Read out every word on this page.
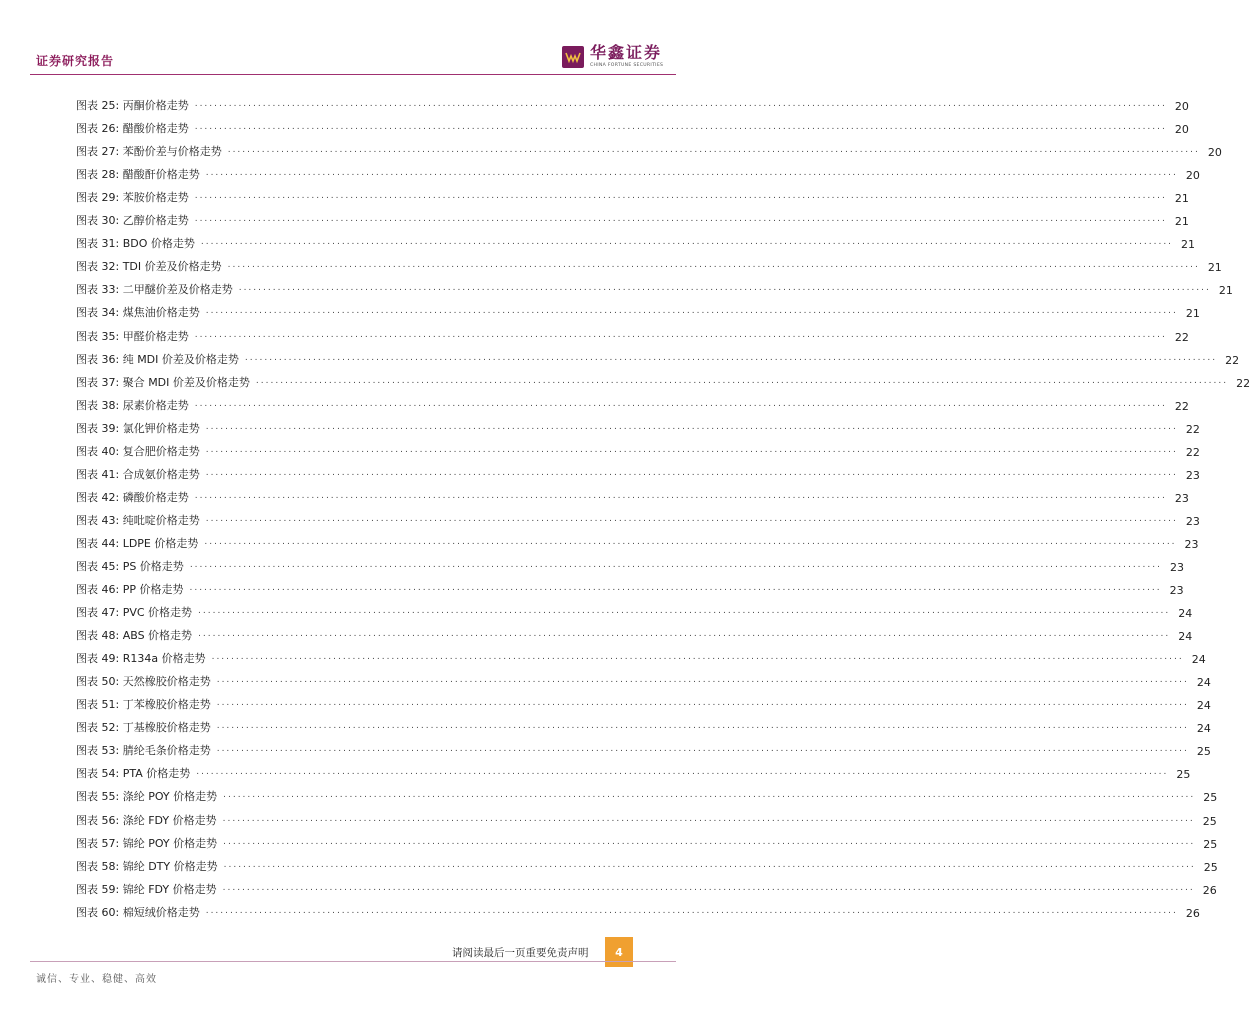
证券研究报告	华鑫证券
CHINA FORTUNE SECURITIES
图表 25: 丙酮价格走势 ........................................................................................................................................................................................................ 20
图表 26: 醋酸价格走势 ........................................................................................................................................................................................................ 20
图表 27: 苯酚价差与价格走势 ........................................................................................................................................................................................................ 20
图表 28: 醋酸酐价格走势 ........................................................................................................................................................................................................ 20
图表 29: 苯胺价格走势 ........................................................................................................................................................................................................ 21
图表 30: 乙醇价格走势 ........................................................................................................................................................................................................ 21
图表 31: BDO 价格走势 ........................................................................................................................................................................................................ 21
图表 32: TDI 价差及价格走势 ........................................................................................................................................................................................................ 21
图表 33: 二甲醚价差及价格走势 ........................................................................................................................................................................................................ 21
图表 34: 煤焦油价格走势 ........................................................................................................................................................................................................ 21
图表 35: 甲醛价格走势 ........................................................................................................................................................................................................ 22
图表 36: 纯 MDI 价差及价格走势 ........................................................................................................................................................................................................ 22
图表 37: 聚合 MDI 价差及价格走势 ........................................................................................................................................................................................................ 22
图表 38: 尿素价格走势 ........................................................................................................................................................................................................ 22
图表 39: 氯化钾价格走势 ........................................................................................................................................................................................................ 22
图表 40: 复合肥价格走势 ........................................................................................................................................................................................................ 22
图表 41: 合成氨价格走势 ........................................................................................................................................................................................................ 23
图表 42: 磷酸价格走势 ........................................................................................................................................................................................................ 23
图表 43: 纯吡啶价格走势 ........................................................................................................................................................................................................ 23
图表 44: LDPE 价格走势 ........................................................................................................................................................................................................ 23
图表 45: PS 价格走势 ........................................................................................................................................................................................................ 23
图表 46: PP 价格走势 ........................................................................................................................................................................................................ 23
图表 47: PVC 价格走势 ........................................................................................................................................................................................................ 24
图表 48: ABS 价格走势 ........................................................................................................................................................................................................ 24
图表 49: R134a 价格走势 ........................................................................................................................................................................................................ 24
图表 50: 天然橡胶价格走势 ........................................................................................................................................................................................................ 24
图表 51: 丁苯橡胶价格走势 ........................................................................................................................................................................................................ 24
图表 52: 丁基橡胶价格走势 ........................................................................................................................................................................................................ 24
图表 53: 腈纶毛条价格走势 ........................................................................................................................................................................................................ 25
图表 54: PTA 价格走势 ........................................................................................................................................................................................................ 25
图表 55: 涤纶 POY 价格走势 ........................................................................................................................................................................................................ 25
图表 56: 涤纶 FDY 价格走势 ........................................................................................................................................................................................................ 25
图表 57: 锦纶 POY 价格走势 ........................................................................................................................................................................................................ 25
图表 58: 锦纶 DTY 价格走势 ........................................................................................................................................................................................................ 25
图表 59: 锦纶 FDY 价格走势 ........................................................................................................................................................................................................ 26
图表 60: 棉短绒价格走势 ........................................................................................................................................................................................................ 26
请阅读最后一页重要免责声明	4
诚信、专业、稳健、高效
